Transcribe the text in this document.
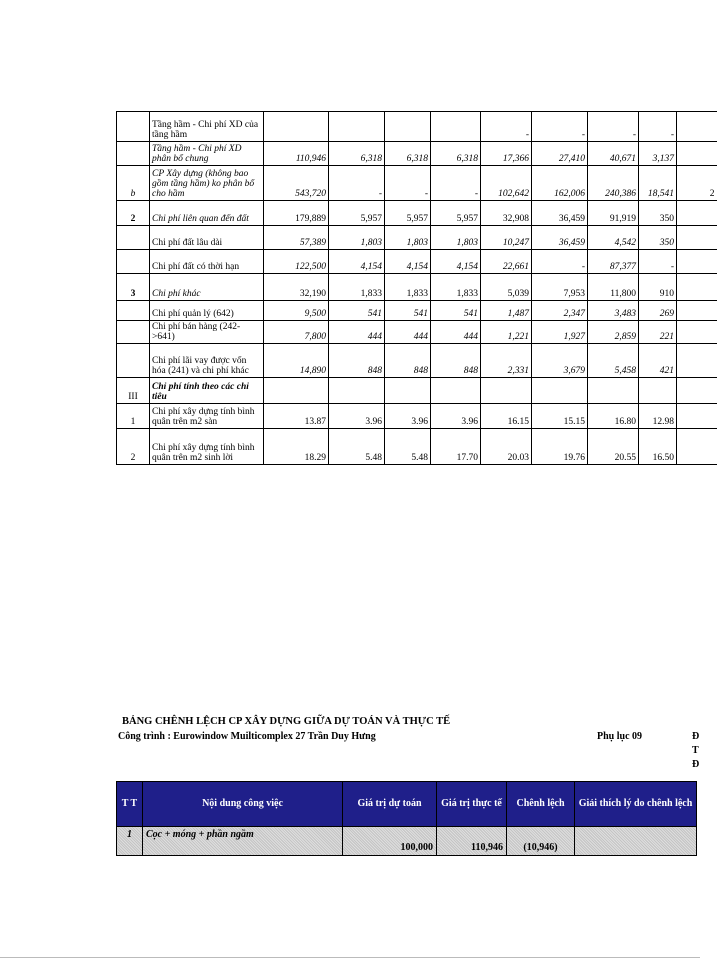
	Tầng hầm - Chi phí XD của tầng hầm					-	-	-	-	
	Tầng hầm - Chi phí XD phân bổ chung	110,946	6,318	6,318	6,318	17,366	27,410	40,671	3,137	
b	CP Xây dựng (không bao gồm tầng hầm) ko phân bổ cho hầm	543,720	-	-	-	102,642	162,006	240,386	18,541	2
2	Chi phí liên quan đến đất	179,889	5,957	5,957	5,957	32,908	36,459	91,919	350	
	Chi phí đất lâu dài	57,389	1,803	1,803	1,803	10,247	36,459	4,542	350	
	Chi phí đất có thời hạn	122,500	4,154	4,154	4,154	22,661	-	87,377	-	
3	Chi phí khác	32,190	1,833	1,833	1,833	5,039	7,953	11,800	910	
	Chi phí quản lý (642)	9,500	541	541	541	1,487	2,347	3,483	269	
	Chi phí bán hàng (242->641)	7,800	444	444	444	1,221	1,927	2,859	221	
	Chi phí lãi vay được vốn hóa (241) và chi phí khác	14,890	848	848	848	2,331	3,679	5,458	421	
III	Chỉ phí tính theo các chỉ tiêu									
1	Chi phí xây dựng tính bình quân trên m2 sàn	13.87	3.96	3.96	3.96	16.15	15.15	16.80	12.98	
2	Chi phí xây dựng tính bình quân trên m2 sinh lời	18.29	5.48	5.48	17.70	20.03	19.76	20.55	16.50	
BẢNG CHÊNH LỆCH CP XÂY DỰNG GIỮA DỰ TOÁN VÀ THỰC TẾ
Công trình : Eurowindow Muilticomplex 27 Trần Duy Hưng	Phụ lục 09	Đ
T
Đ
T T	Nội dung công việc	Giá trị dự toán	Giá trị thực tế	Chênh lệch	Giải thích lý do chênh lệch
1	Cọc + móng + phần ngầm	100,000	110,946	(10,946)	
